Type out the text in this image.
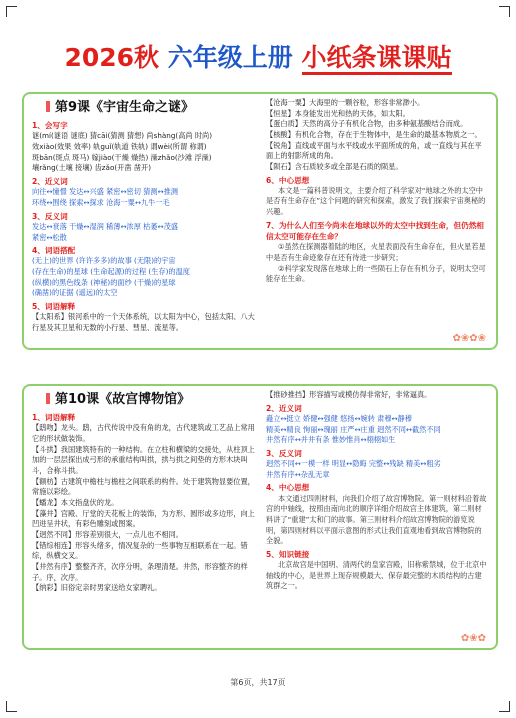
2026秋 六年级上册 小纸条课课贴
第9课《宇宙生命之谜》
1、会写字

谜(mí(谜语 谜底) 猜cāi(猜测 猜想) 尚shàng(高尚 时尚)

效xiào(效果 效率) 轨guǐ(轨道 铁轨) 谓wèi(所谓 称谓)

斑bān(斑点 斑马) 嫁jiào(干燥 燥热) 澡zhǎo(沙滩 浮澡)

壤rǎng(土壤 接壤) 齿zǎo(开凿 凿开)

2、近义词

向往↔憧憬 发达↔兴盛 紧密↔密切 猜测↔推测

环绕↔围绕 探索↔探求 沧海一粟↔九牛一毛

3、反义词

发达↔衰落 干燥↔湿润 稀薄↔浓厚 枯萎↔茂盛

紧密↔松散

4、词语搭配

(无上)的世界 (许许多多)的故事 (无限)的宇宙

(存在生命)的星球 (生命起源)的过程 (生存)的温度

(纵横)的黑色线条 (神秘)的面纱 (干燥)的星球

(确凿)的证据 (遥远)的太空

5、词语解释

【太阳系】银河系中的一个天体系统，以太阳为中心，包括太阳、八大行星及其卫星和无数的小行星、彗星、流星等。

【沧海一粟】大海里的一颗谷粒，形容非常渺小。

【恒星】本身能发出光和热的天体，如太阳。

【蛋白质】天然的高分子有机化合物，由多种氨基酸结合而成。

【核酸】有机化合物，存在于生物体中，是生命的最基本物质之一。

【锐角】直线或平面与水平线或水平面所成的角，或一直线与其在平面上的射影所成的角。

【陨石】含石质较多或全部是石质的陨星。

6、中心思想

本文是一篇科普说明文，主要介绍了科学家对“地球之外的太空中是否有生命存在”这个问题的研究和探索，激发了我们探索宇宙奥秘的兴趣。

7、为什么人们至今尚未在地球以外的太空中找到生命，但仍然相信太空可能存在生命？

①虽然在探测器着陆的地区，火星表面没有生命存在，但火星若星中是否有生命迹象存在还有待进一步研究；

②科学家发现落在地球上的一些陨石上存在有机分子，说明太空可能存在生命。

✿❀✿❀
第10课《故宫博物馆》
1、词语解释

【鸱吻】龙头。鸱，古代传说中没有角的龙，古代建筑或工艺品上常用它的形状做装饰。

【斗拱】我国建筑特有的一种结构。在立柱和横梁的交接处，从柱顶上加的一层层探出成弓形的承重结构叫拱，拱与拱之间垫的方形木块叫斗，合称斗拱。

【额枋】古建筑中檐柱与檐柱之间联系的构件。处于建筑物显要位置，常施以彩绘。

【蟠龙】本文指盘伏的龙。

【藻井】宫殿、厅堂的天花板上的装饰，为方形、圆形或多边形，向上凹进呈井状，有彩色雕刻或图案。

【迥然不同】形容差别很大，一点儿也不相同。

【错综相连】形容头绪多，情况复杂的一些事物互相联系在一起。错综，纵横交叉。

【井然有序】整整齐齐，次序分明，条理清楚。井然，形容整齐的样子。序，次序。

【纳彩】旧俗定亲时男家送给女家聘礼。

【推砂推挡】形容描写或模仿得非常好，非常逼真。

2、近义词

矗立↔挺立 娇健↔强健 悠扬↔婉转 肃穆↔静穆

精美↔精良 恂丽↔瑰丽 庄严↔庄重 迥然不同↔截然不同

井然有序↔并井有条 惟妙惟肖↔栩栩如生

3、反义词

迥然不同↔一模一样 明显↔隐晦 完整↔残缺 精美↔粗劣

井然有序↔杂乱无章

4、中心思想

本文通过四则材料，向我们介绍了故宫博物院。第一则材料沿着故宫的中轴线，按照由南向北的顺序详细介绍故宫主体建筑，第二则材料讲了“重建”太和门的故事。第三则材料介绍故宫博物院的游览说明，第四则材料以平面示意图的形式让我们直观地看到故宫博物院的全貌。

5、知识链接

北京故宫是中国明、清两代的皇家宫殿，旧称紫禁城，位于北京中轴线的中心，是世界上现存规模最大、保存最完整的木质结构的古建筑群之一。

✿❀✿
第6页，共17页
